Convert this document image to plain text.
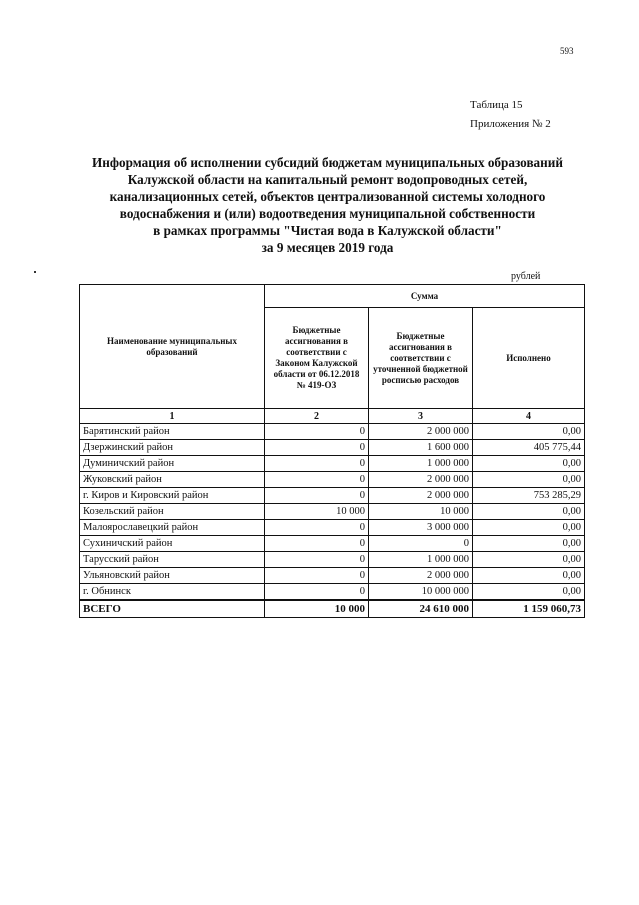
593
Таблица 15
Приложения № 2
Информация об исполнении субсидий бюджетам муниципальных образований
Калужской области на капитальный ремонт водопроводных сетей,
канализационных сетей, объектов централизованной системы холодного
водоснабжения и (или) водоотведения муниципальной собственности
в рамках программы "Чистая вода в Калужской области"
за 9 месяцев 2019 года
рублей
Наименование муниципальных образований	Сумма		
	Бюджетные ассигнования в соответствии с Законом Калужской области от 06.12.2018 № 419-ОЗ	Бюджетные ассигнования в соответствии с уточненной бюджетной росписью расходов	Исполнено
1	2	3	4
Барятинский район	0	2 000 000	0,00
Дзержинский район	0	1 600 000	405 775,44
Думиничский район	0	1 000 000	0,00
Жуковский район	0	2 000 000	0,00
г. Киров и Кировский район	0	2 000 000	753 285,29
Козельский район	10 000	10 000	0,00
Малоярославецкий район	0	3 000 000	0,00
Сухиничский район	0	0	0,00
Тарусский район	0	1 000 000	0,00
Ульяновский район	0	2 000 000	0,00
г. Обнинск	0	10 000 000	0,00
ВСЕГО	10 000	24 610 000	1 159 060,73
